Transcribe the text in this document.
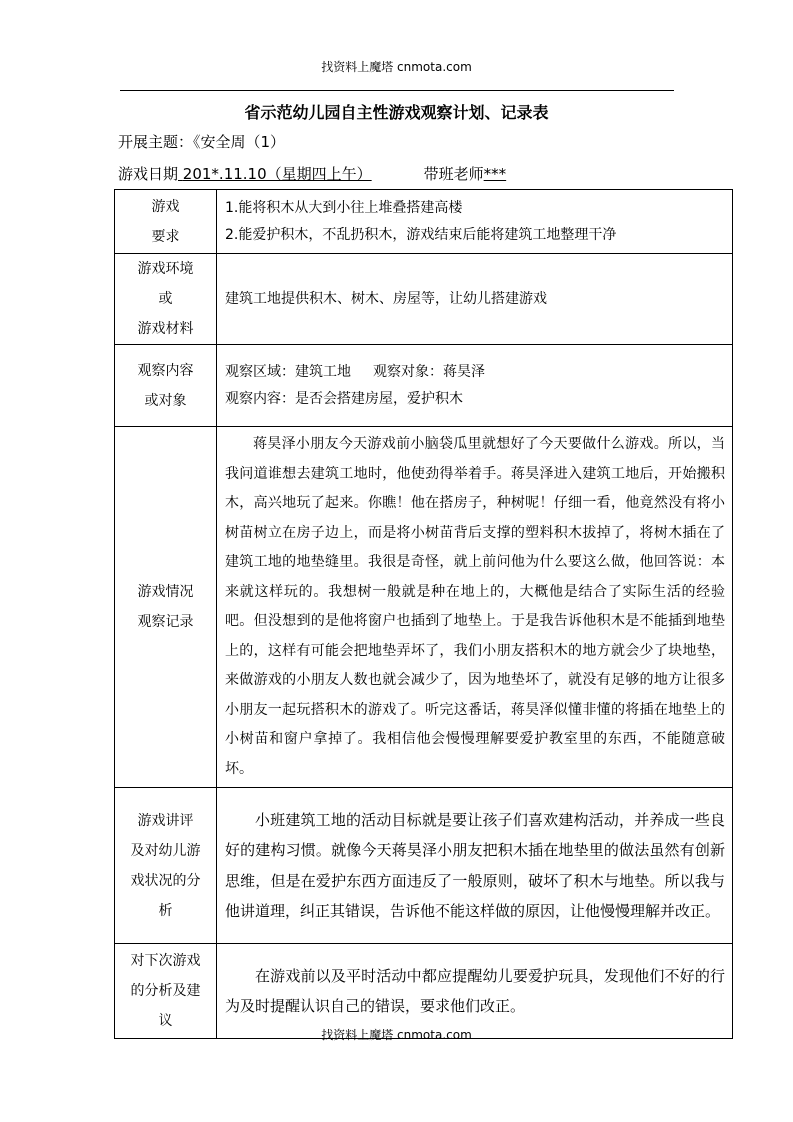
找资料上魔塔 cnmota.com
省示范幼儿园自主性游戏观察计划、记录表
开展主题：《安全周（1）
游戏日期 201*.11.10（星期四上午）	带班老师***
游戏
要求	1.能将积木从大到小往上堆叠搭建高楼
2.能爱护积木，不乱扔积木，游戏结束后能将建筑工地整理干净

游戏环境
或
游戏材料	建筑工地提供积木、树木、房屋等，让幼儿搭建游戏

观察内容
或对象	观察区域：建筑工地 观察对象：蒋昊泽
观察内容：是否会搭建房屋，爱护积木

游戏情况
观察记录	蒋昊泽小朋友今天游戏前小脑袋瓜里就想好了今天要做什么游戏。所以，当我问道谁想去建筑工地时，他使劲得举着手。蒋昊泽进入建筑工地后，开始搬积木，高兴地玩了起来。你瞧！他在搭房子，种树呢！仔细一看，他竟然没有将小树苗树立在房子边上，而是将小树苗背后支撑的塑料积木拔掉了，将树木插在了建筑工地的地垫缝里。我很是奇怪，就上前问他为什么要这么做，他回答说：本来就这样玩的。我想树一般就是种在地上的，大概他是结合了实际生活的经验吧。但没想到的是他将窗户也插到了地垫上。于是我告诉他积木是不能插到地垫上的，这样有可能会把地垫弄坏了，我们小朋友搭积木的地方就会少了块地垫，来做游戏的小朋友人数也就会减少了，因为地垫坏了，就没有足够的地方让很多小朋友一起玩搭积木的游戏了。听完这番话，蒋昊泽似懂非懂的将插在地垫上的小树苗和窗户拿掉了。我相信他会慢慢理解要爱护教室里的东西，不能随意破坏。

游戏讲评
及对幼儿游
戏状况的分
析	小班建筑工地的活动目标就是要让孩子们喜欢建构活动，并养成一些良好的建构习惯。就像今天蒋昊泽小朋友把积木插在地垫里的做法虽然有创新思维，但是在爱护东西方面违反了一般原则，破坏了积木与地垫。所以我与他讲道理，纠正其错误，告诉他不能这样做的原因，让他慢慢理解并改正。

对下次游戏
的分析及建
议	在游戏前以及平时活动中都应提醒幼儿要爱护玩具，发现他们不好的行为及时提醒认识自己的错误，要求他们改正。
找资料上魔塔 cnmota.com
